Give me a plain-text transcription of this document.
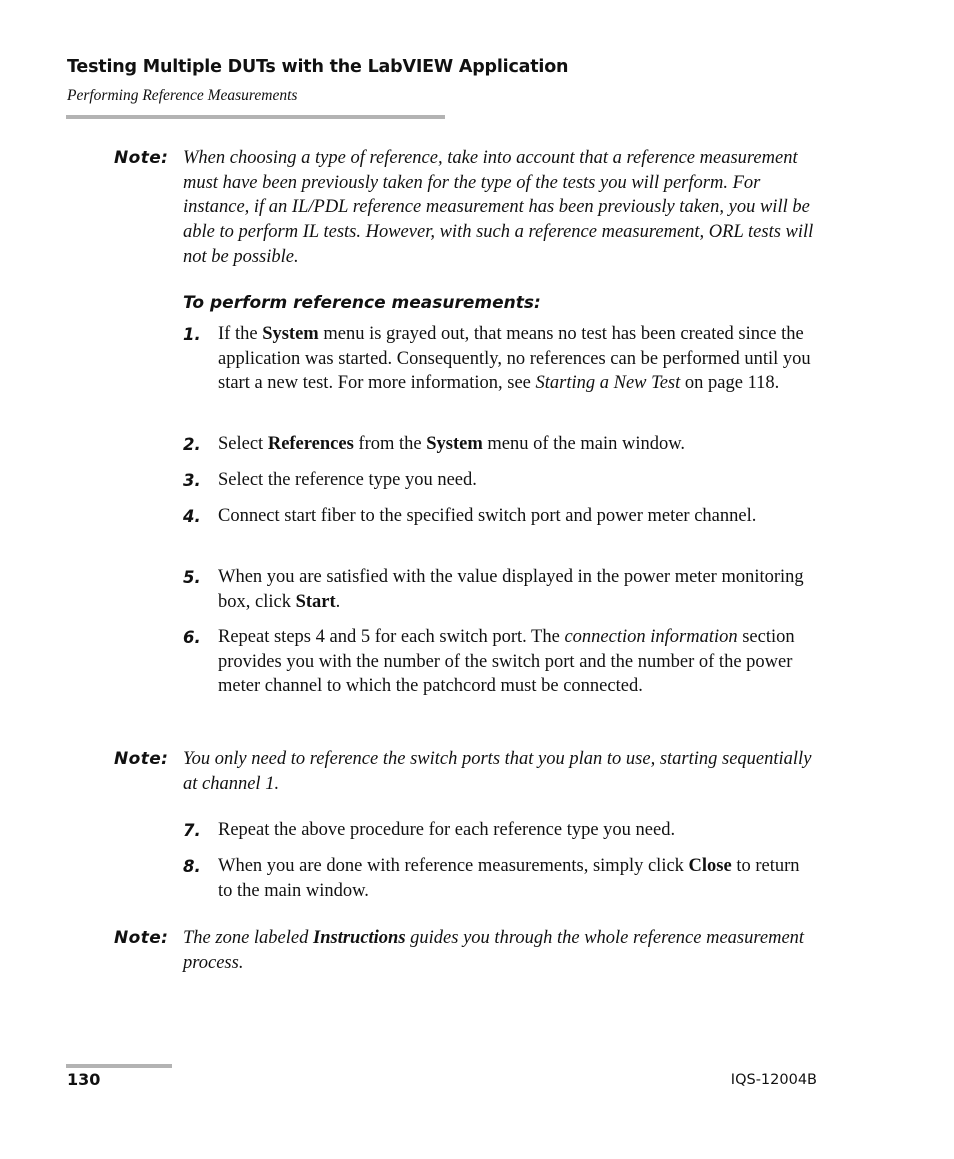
Testing Multiple DUTs with the LabVIEW Application
Performing Reference Measurements
Note: When choosing a type of reference, take into account that a reference measurement must have been previously taken for the type of the tests you will perform. For instance, if an IL/PDL reference measurement has been previously taken, you will be able to perform IL tests. However, with such a reference measurement, ORL tests will not be possible.
To perform reference measurements:
1. If the System menu is grayed out, that means no test has been created since the application was started. Consequently, no references can be performed until you start a new test. For more information, see Starting a New Test on page 118.
2. Select References from the System menu of the main window.
3. Select the reference type you need.
4. Connect start fiber to the specified switch port and power meter channel.
5. When you are satisfied with the value displayed in the power meter monitoring box, click Start.
6. Repeat steps 4 and 5 for each switch port. The connection information section provides you with the number of the switch port and the number of the power meter channel to which the patchcord must be connected.
Note: You only need to reference the switch ports that you plan to use, starting sequentially at channel 1.
7. Repeat the above procedure for each reference type you need.
8. When you are done with reference measurements, simply click Close to return to the main window.
Note: The zone labeled Instructions guides you through the whole reference measurement process.
130	IQS-12004B
